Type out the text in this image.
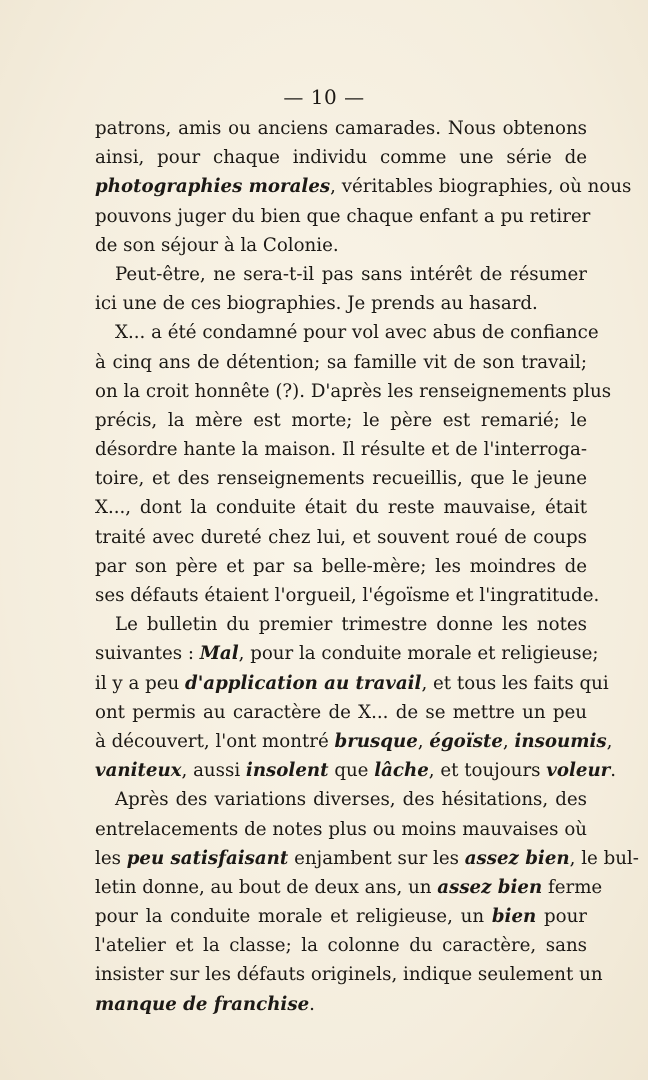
— 10 —
patrons, amis ou anciens camarades. Nous obtenons
ainsi, pour chaque individu comme une série de
photographies morales, véritables biographies, où nous
pouvons juger du bien que chaque enfant a pu retirer
de son séjour à la Colonie.
Peut-être, ne sera-t-il pas sans intérêt de résumer
ici une de ces biographies. Je prends au hasard.
X... a été condamné pour vol avec abus de confiance
à cinq ans de détention; sa famille vit de son travail;
on la croit honnête (?). D'après les renseignements plus
précis, la mère est morte; le père est remarié; le
désordre hante la maison. Il résulte et de l'interroga-
toire, et des renseignements recueillis, que le jeune
X..., dont la conduite était du reste mauvaise, était
traité avec dureté chez lui, et souvent roué de coups
par son père et par sa belle-mère; les moindres de
ses défauts étaient l'orgueil, l'égoïsme et l'ingratitude.
Le bulletin du premier trimestre donne les notes
suivantes : Mal, pour la conduite morale et religieuse;
il y a peu d'application au travail, et tous les faits qui
ont permis au caractère de X... de se mettre un peu
à découvert, l'ont montré brusque, égoïste, insoumis,
vaniteux, aussi insolent que lâche, et toujours voleur.
Après des variations diverses, des hésitations, des
entrelacements de notes plus ou moins mauvaises où
les peu satisfaisant enjambent sur les assez bien, le bul-
letin donne, au bout de deux ans, un assez bien ferme
pour la conduite morale et religieuse, un bien pour
l'atelier et la classe; la colonne du caractère, sans
insister sur les défauts originels, indique seulement un
manque de franchise.
